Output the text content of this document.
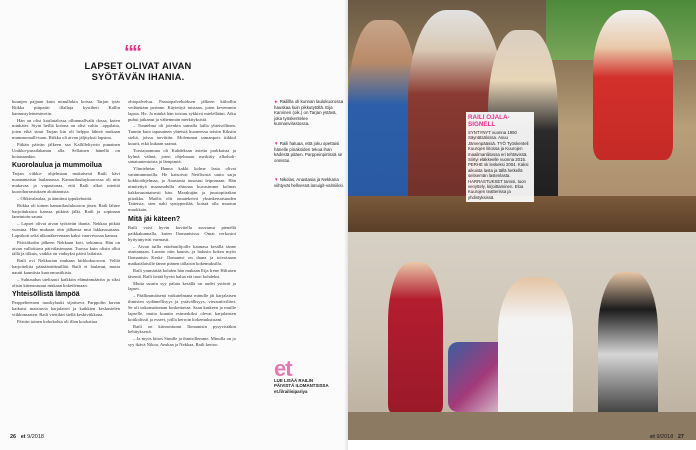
““
LAPSET OLIVAT AIVAN
SYÖTÄVÄN IHANIA.

kuunjen pajjaan kuin minullakin koissa. Tarjan tytär Riikka pitipaitti illallaja kystiheti Kallin kannustyleinenävetin.

Hän on olisi koulutalossa ollunmallvalit dossa, kuten minkäter. Siyin heillä kotona on olisi valtio –oppilaita, joten eikä sinut Tarjan kin oli helppo lähteä mukaan mummomalli-tuun. Riikka oli aivan jäljityksii lapsina.

Pitkän päivän jälkeen saa Kallilleltywin punainen Unikko-pussilakanan alla. Sellainen hänellä on kotonaankin.

Kuorolaulua ja mummoilua

Tarjan viikko- ohjelmaan mukaisesti Raili kävi maanantaisin laulamassa. Kamarilauluykuorossa oli niin mukavaa ja vapautonaa, että Raili alkoi miettiä kuoroharrastuksen aloittamista.

– Olikivalaulaa, ja äänitimi ippukehottiä.

Riikka oli toinen kamarilaulukuoron jäsen. Raili lähtee harjoituksista kanssa pitkinä jälki. Raili ja sopinaan laneintoin sauna.

– Lapset olivat aivan syötävän ihania. Nekkaa pitkää vuosina. Hän mukaan otin jälkensa mut lakkasuurtaan. Lapsikoti sekä ulkonäkevenaan kaksi vaarvesosaa kanssa.

Päiviäkodin jälkeen Nekkaan koti, sekinmu. Hän on aivan valloittava päivälastenaan. Tuossa kuin olisin ollut tällä ja tilkuis, vaikka on vaduyksi päivä lailaistä.

Raili ovi Nekkarian mukaan kirkkokuoroon. Velliä harjoitelitia pääsääntöämillää. Raili ei laulanut, mutta nautti kauniista kuoromusiikista.

– Suhtaudun uteliaasti kaikkiin elämänmääriin ja siksi olisin kiinnostunut mukaan kokeilemaan.

Yhteisöllistä lämpöä

Parppelieeraen tuuskylauki sijaitseva Parppolin kuvan kaikuisi maistuvia karjalaiset ja kaikkien keskustelen viikkomaaten. Raili viettikin siellä keskiviikkona.

Päivän toinen kohokohta oli illan kookattaa

ohtopalveluu. Paastopalveluöksen jälkeen kiihollin vedätettäm perinne. Käytettyä toistaan, joten kevemmin lapsia. He. Ja minkä hän toistuu sykkivä mielellääni. Aiku puhui jatkanut ja vähemmän merkityksistä.

– Tunnelma oli jotenkin samalla lailla yhteisöllinen. Tunnin kuin tapasainen yhteistä huoneessa toisiin Kiksiin sieltä, joissa tarvittiin. Molemmat samanpois tiikkul kuurit, eikä kukaan saanut.

Torstaiaamuna oli Kahdeksan astetta parkkaista ja kylmä välinä, joten ohjelmaan merkitty alkoholi-sanatuntenioista ja lämpimiä.

Ylimiehetar Hanna kakki kolme lasta olivat varamummoilla. He katsoivat Netflixistä uutta sarja kokkioöhjelmaa, ja Anastasia innostui leipomaan. Hän nimitettyä maaseudulla ahtonaa kuvasimme kolmas kakkosuuntaisesti hän. Marakujän ja juustopiirakan piirakka. Maölis olit omatekeivä yksinkertaisuuden Taiteista, sien nahi syntyperilää, koitaä olla muotun muokkain.

Mitä jäi käteen?

Raili voisi hyvin kuvitella asuvansa pienellä paikkakunnalla, kuten Ilomantsissa. Omat verkostot hyityintyivät varmasti.

– Aivan tuilla etäohtuilijoille kaunasa kesällä tänne asuttamaan. Luonto niin kaunis, ja halusin kokea myös Ilomantsin Keski- Ilomantsi on ihana ja toivotaaan matkaiälaisille tänne piänen tällaisin kokemuksilla.

Raili ymmärtää kohden hän mukaan Eija Irene Hiltusen täsentä. Raili tietää hyvin halua etä tuon kohdeksi.

Muita suurin syy palata kesällä on uudet ystävät ja lapset.

– Päällimmäisenä vaikutelmana minulle jäi karjalaisen ihmisten sydämellisyys ja ystävällisyys, vierautiiviliset. Se oli uskomattoman koskettavaa. Saan kaskeen ja muille lapselle, mutta kunnin esimerkiksi olevat karjalaisten kotikolissit ja esseet, joilla kerroin kokemuksistani.

Raili on kiinnostunut Ilomantsin pysyvistäkin kehityksestä.

– Ja myös kiitos Sinulle ja ihmisillemme. Minulla on jo syy ikävä Nikoa, Anskaa ja Nekkaa, Raili kertoo.

► Railillla oli kunnan laulukuorossa hauskaa kuin pikkutytöllä. Eija Karvinen (oik.) on Tarjan ystävä, joka työskentelee kunnanvirastossa.
▼ Raili haluaa, että joku opettaisi hänelle pinaksiden tekoa ihan kädestä pitäen. Parppeinpirtissä se onnistui.
▼ Nikolas, Anastasia ja Nekkaria viihtyvät hellvessä lanuigit-valmiiksi.
et
LUE LISÄÄ RAILIN PÄIVISTÄ ILOMANTSISSA et.fi/railisipariya
26 et 9/2018
RAILI OJALA-SIGNELL
SYNTYNYT vuonna 1950 Säynätsälossa. Asuu Järvenpäässä. TYÖ Työskenteli Kuurojen liitossa ja Kuurojen maailmanliitossa eri tehtävissä. Siirtyi eläkkeelle vuonna 2015. PERHE sk leskeksi 2004. Kaksi aikuista lasta ja tällä hetkellä seitsemän lastenlasta. HARRASTUKSET tanssi, tuon venyttely, kirjoittaminen. Eloa Kuurojen teatterissa ja yhdistyksissä.
et 9/2018 27
